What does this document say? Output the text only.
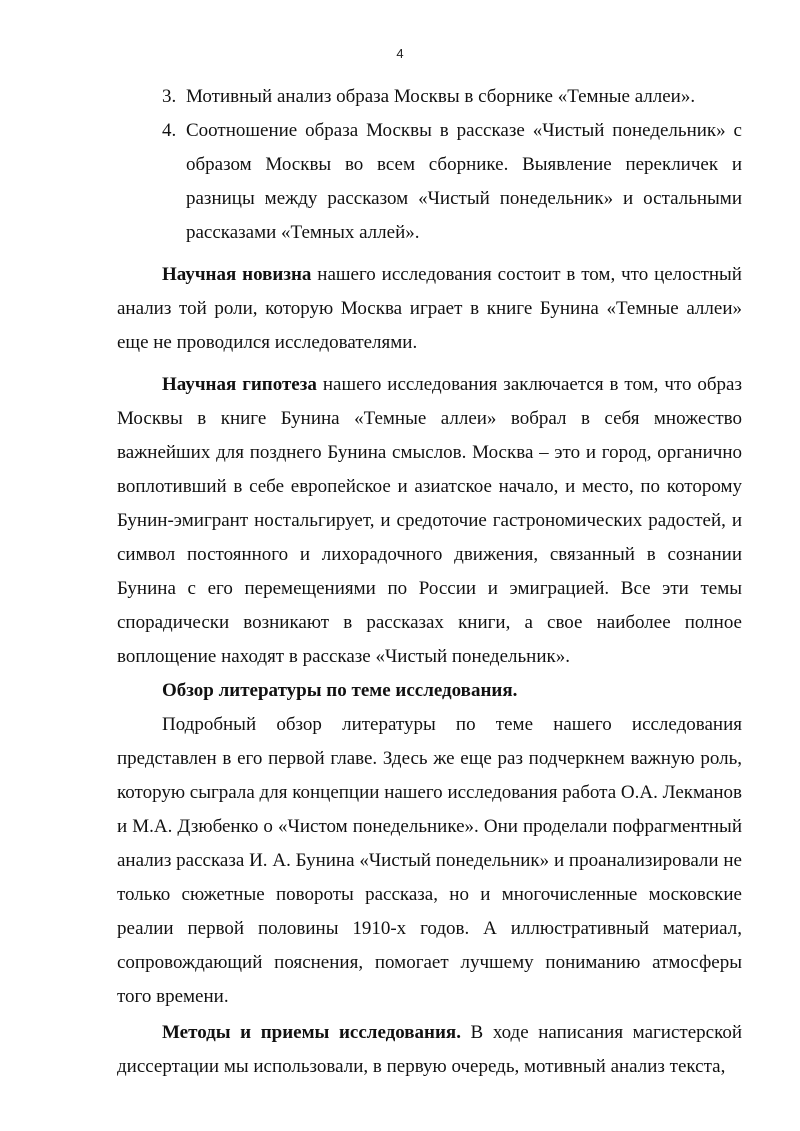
4
3. Мотивный анализ образа Москвы в сборнике «Темные аллеи».
4. Соотношение образа Москвы в рассказе «Чистый понедельник» с образом Москвы во всем сборнике. Выявление перекличек и разницы между рассказом «Чистый понедельник» и остальными рассказами «Темных аллей».

Научная новизна нашего исследования состоит в том, что целостный анализ той роли, которую Москва играет в книге Бунина «Темные аллеи» еще не проводился исследователями.

Научная гипотеза нашего исследования заключается в том, что образ Москвы в книге Бунина «Темные аллеи» вобрал в себя множество важнейших для позднего Бунина смыслов. Москва – это и город, органично воплотивший в себе европейское и азиатское начало, и место, по которому Бунин-эмигрант ностальгирует, и средоточие гастрономических радостей, и символ постоянного и лихорадочного движения, связанный в сознании Бунина с его перемещениями по России и эмиграцией. Все эти темы спорадически возникают в рассказах книги, а свое наиболее полное воплощение находят в рассказе «Чистый понедельник».

Обзор литературы по теме исследования.

Подробный обзор литературы по теме нашего исследования представлен в его первой главе. Здесь же еще раз подчеркнем важную роль, которую сыграла для концепции нашего исследования работа О.А. Лекманов и М.А. Дзюбенко о «Чистом понедельнике». Они проделали пофрагментный анализ рассказа И. А. Бунина «Чистый понедельник» и проанализировали не только сюжетные повороты рассказа, но и многочисленные московские реалии первой половины 1910-х годов. А иллюстративный материал, сопровождающий пояснения, помогает лучшему пониманию атмосферы того времени.

Методы и приемы исследования. В ходе написания магистерской диссертации мы использовали, в первую очередь, мотивный анализ текста,
